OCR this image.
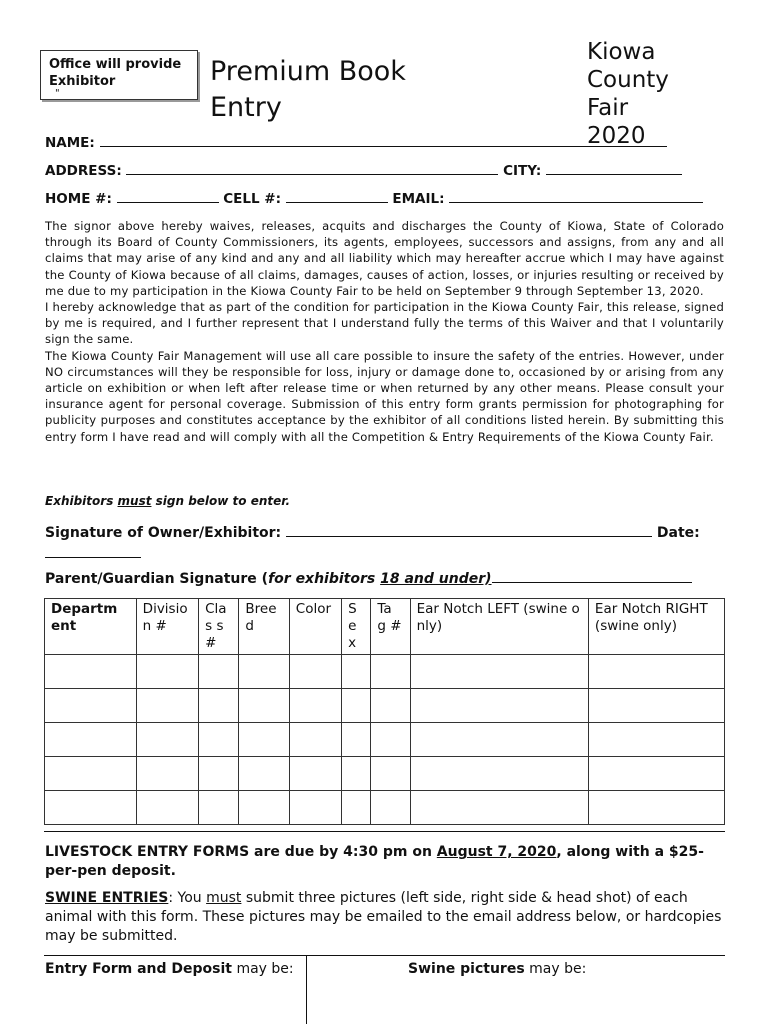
Office will provide
Exhibitor
"
Premium Book
Entry
Kiowa
County
Fair
2020
NAME:
ADDRESS:	CITY:
HOME #:	CELL #:	EMAIL:

The signor above hereby waives, releases, acquits and discharges the County of Kiowa, State of Colorado through its Board of County Commissioners, its agents, employees, successors and assigns, from any and all claims that may arise of any kind and any and all liability which may hereafter accrue which I may have against the County of Kiowa because of all claims, damages, causes of action, losses, or injuries resulting or received by me due to my participation in the Kiowa County Fair to be held on September 9 through September 13, 2020.

I hereby acknowledge that as part of the condition for participation in the Kiowa County Fair, this release, signed by me is required, and I further represent that I understand fully the terms of this Waiver and that I voluntarily sign the same.

The Kiowa County Fair Management will use all care possible to insure the safety of the entries. However, under NO circumstances will they be responsible for loss, injury or damage done to, occasioned by or arising from any article on exhibition or when left after release time or when returned by any other means. Please consult your insurance agent for personal coverage. Submission of this entry form grants permission for photographing for publicity purposes and constitutes acceptance by the exhibitor of all conditions listed herein. By submitting this entry form I have read and will comply with all the Competition & Entry Requirements of the Kiowa County Fair.

Exhibitors must sign below to enter.
Signature of Owner/Exhibitor:	Date:

Parent/Guardian Signature (for exhibitors 18 and under)
Departm ent	Divisio n #	Clas s #	Bree d	Color	Se x	Ta g #	Ear Notch LEFT (swine only)	Ear Notch RIGHT (swine only)

LIVESTOCK ENTRY FORMS are due by 4:30 pm on August 7, 2020, along with a $25-per-pen deposit.
SWINE ENTRIES: You must submit three pictures (left side, right side & head shot) of each animal with this form. These pictures may be emailed to the email address below, or hardcopies may be submitted.
Entry Form and Deposit may be:	Swine pictures may be:
